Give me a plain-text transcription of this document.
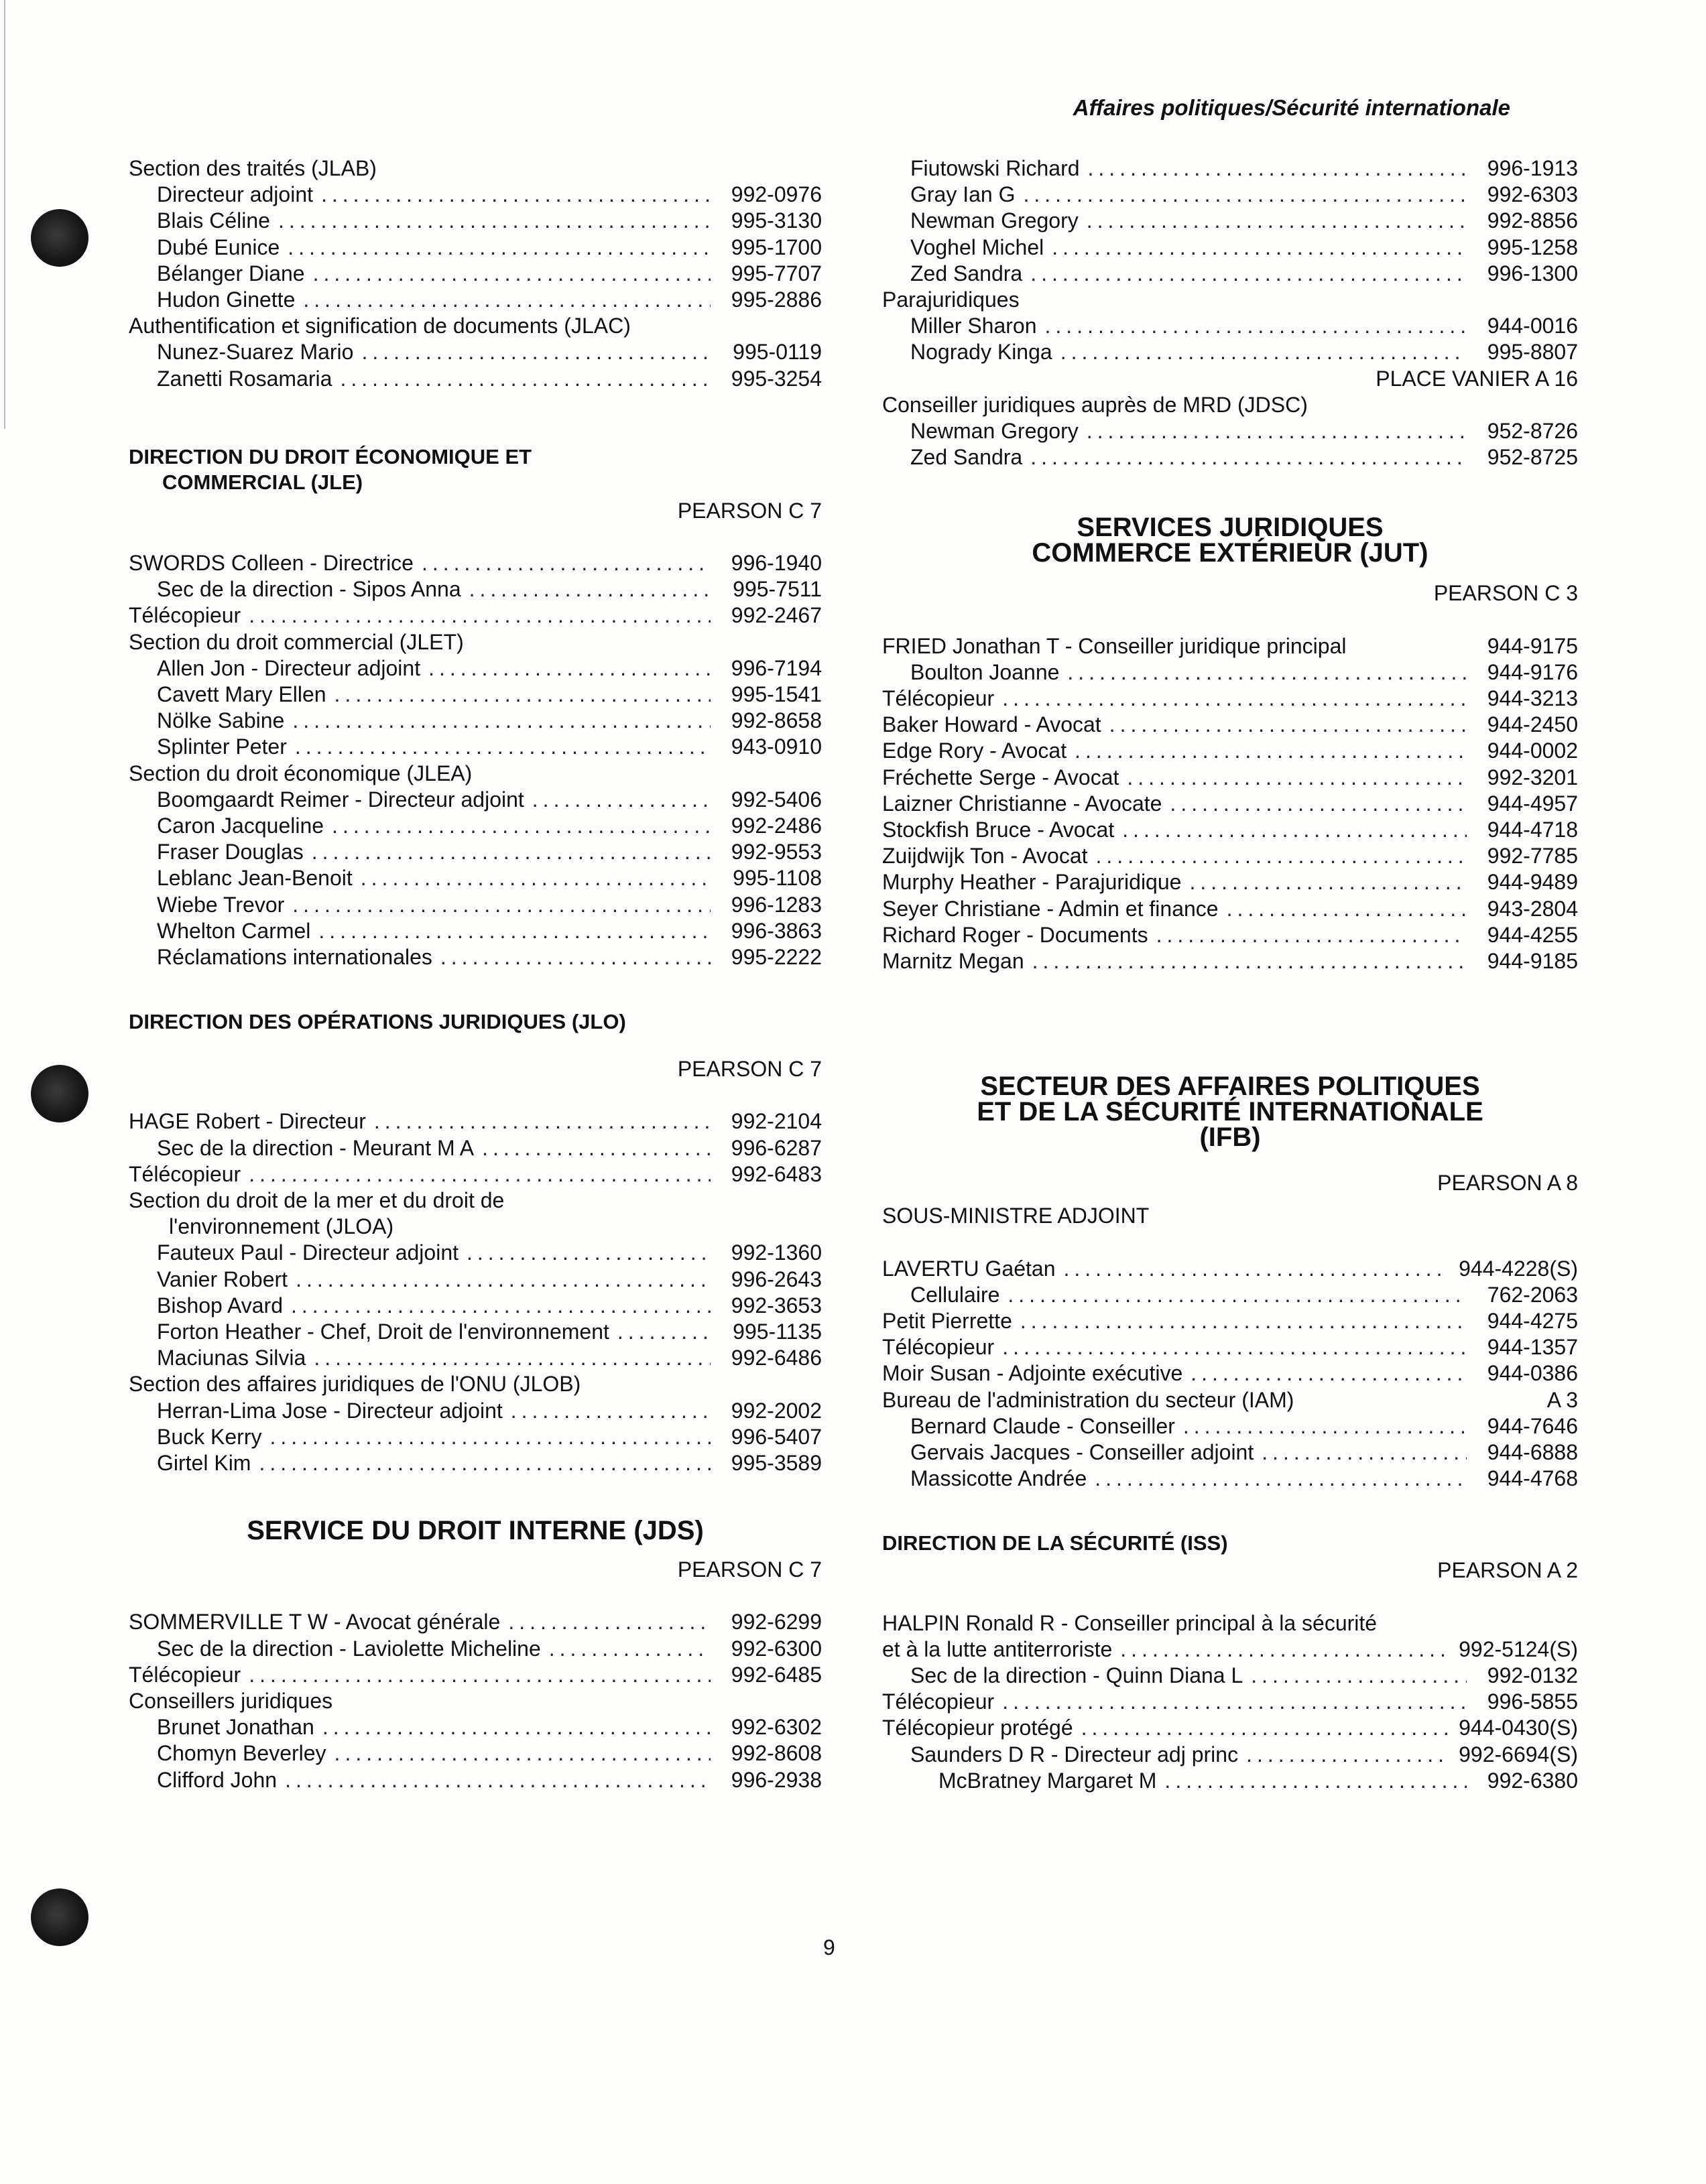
Affaires politiques/Sécurité internationale
Section des traités (JLAB)
Directeur adjoint .....	992-0976
Blais Céline .....	995-3130
Dubé Eunice .....	995-1700
Bélanger Diane .....	995-7707
Hudon Ginette .....	995-2886
Authentification et signification de documents (JLAC)
Nunez-Suarez Mario .....	995-0119
Zanetti Rosamaria .....	995-3254
DIRECTION DU DROIT ÉCONOMIQUE ET
COMMERCIAL (JLE)
PEARSON C 7
SWORDS Colleen - Directrice .....	996-1940
Sec de la direction - Sipos Anna .....	995-7511
Télécopieur .....	992-2467
Section du droit commercial (JLET)
Allen Jon - Directeur adjoint .....	996-7194
Cavett Mary Ellen .....	995-1541
Nölke Sabine .....	992-8658
Splinter Peter .....	943-0910
Section du droit économique (JLEA)
Boomgaardt Reimer - Directeur adjoint .....	992-5406
Caron Jacqueline .....	992-2486
Fraser Douglas .....	992-9553
Leblanc Jean-Benoit .....	995-1108
Wiebe Trevor .....	996-1283
Whelton Carmel .....	996-3863
Réclamations internationales .....	995-2222
DIRECTION DES OPÉRATIONS JURIDIQUES (JLO)
PEARSON C 7
HAGE Robert - Directeur .....	992-2104
Sec de la direction - Meurant M A .....	996-6287
Télécopieur .....	992-6483
Section du droit de la mer et du droit de
l'environnement (JLOA)
Fauteux Paul - Directeur adjoint .....	992-1360
Vanier Robert .....	996-2643
Bishop Avard .....	992-3653
Forton Heather - Chef, Droit de l'environnement .....	995-1135
Maciunas Silvia .....	992-6486
Section des affaires juridiques de l'ONU (JLOB)
Herran-Lima Jose - Directeur adjoint .....	992-2002
Buck Kerry .....	996-5407
Girtel Kim .....	995-3589
SERVICE DU DROIT INTERNE (JDS)
PEARSON C 7
SOMMERVILLE T W - Avocat générale .....	992-6299
Sec de la direction - Laviolette Micheline .....	992-6300
Télécopieur .....	992-6485
Conseillers juridiques
Brunet Jonathan .....	992-6302
Chomyn Beverley .....	992-8608
Clifford John .....	996-2938
Fiutowski Richard .....	996-1913
Gray Ian G .....	992-6303
Newman Gregory .....	992-8856
Voghel Michel .....	995-1258
Zed Sandra .....	996-1300
Parajuridiques
Miller Sharon .....	944-0016
Nogrady Kinga .....	995-8807
PLACE VANIER A 16
Conseiller juridiques auprès de MRD (JDSC)
Newman Gregory .....	952-8726
Zed Sandra .....	952-8725
SERVICES JURIDIQUES
COMMERCE EXTÉRIEUR (JUT)
PEARSON C 3
FRIED Jonathan T - Conseiller juridique principal	944-9175
Boulton Joanne .....	944-9176
Télécopieur .....	944-3213
Baker Howard - Avocat .....	944-2450
Edge Rory - Avocat .....	944-0002
Fréchette Serge - Avocat .....	992-3201
Laizner Christianne - Avocate .....	944-4957
Stockfish Bruce - Avocat .....	944-4718
Zuijdwijk Ton - Avocat .....	992-7785
Murphy Heather - Parajuridique .....	944-9489
Seyer Christiane - Admin et finance .....	943-2804
Richard Roger - Documents .....	944-4255
Marnitz Megan .....	944-9185
SECTEUR DES AFFAIRES POLITIQUES
ET DE LA SÉCURITÉ INTERNATIONALE
(IFB)
PEARSON A 8
SOUS-MINISTRE ADJOINT
LAVERTU Gaétan .....	944-4228(S)
Cellulaire .....	762-2063
Petit Pierrette .....	944-4275
Télécopieur .....	944-1357
Moir Susan - Adjointe exécutive .....	944-0386
Bureau de l'administration du secteur (IAM)	A 3
Bernard Claude - Conseiller .....	944-7646
Gervais Jacques - Conseiller adjoint .....	944-6888
Massicotte Andrée .....	944-4768
DIRECTION DE LA SÉCURITÉ (ISS)
PEARSON A 2
HALPIN Ronald R - Conseiller principal à la sécurité
et à la lutte antiterroriste .....	992-5124(S)
Sec de la direction - Quinn Diana L .....	992-0132
Télécopieur .....	996-5855
Télécopieur protégé .....	944-0430(S)
Saunders D R - Directeur adj princ .....	992-6694(S)
McBratney Margaret M .....	992-6380
9
